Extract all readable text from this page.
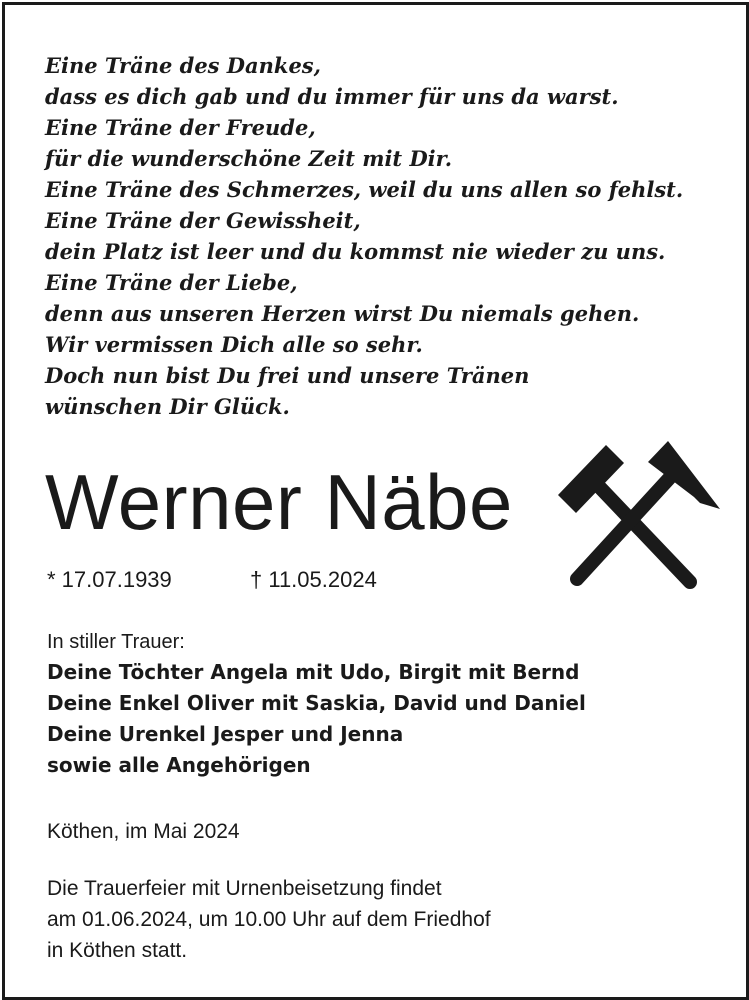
Eine Träne des Dankes,
dass es dich gab und du immer für uns da warst.
Eine Träne der Freude,
für die wunderschöne Zeit mit Dir.
Eine Träne des Schmerzes, weil du uns allen so fehlst.
Eine Träne der Gewissheit,
dein Platz ist leer und du kommst nie wieder zu uns.
Eine Träne der Liebe,
denn aus unseren Herzen wirst Du niemals gehen.
Wir vermissen Dich alle so sehr.
Doch nun bist Du frei und unsere Tränen
wünschen Dir Glück.
Werner Näbe
* 17.07.1939	† 11.05.2024
In stiller Trauer:
Deine Töchter Angela mit Udo, Birgit mit Bernd
Deine Enkel Oliver mit Saskia, David und Daniel
Deine Urenkel Jesper und Jenna
sowie alle Angehörigen
Köthen, im Mai 2024
Die Trauerfeier mit Urnenbeisetzung findet
am 01.06.2024, um 10.00 Uhr auf dem Friedhof
in Köthen statt.
